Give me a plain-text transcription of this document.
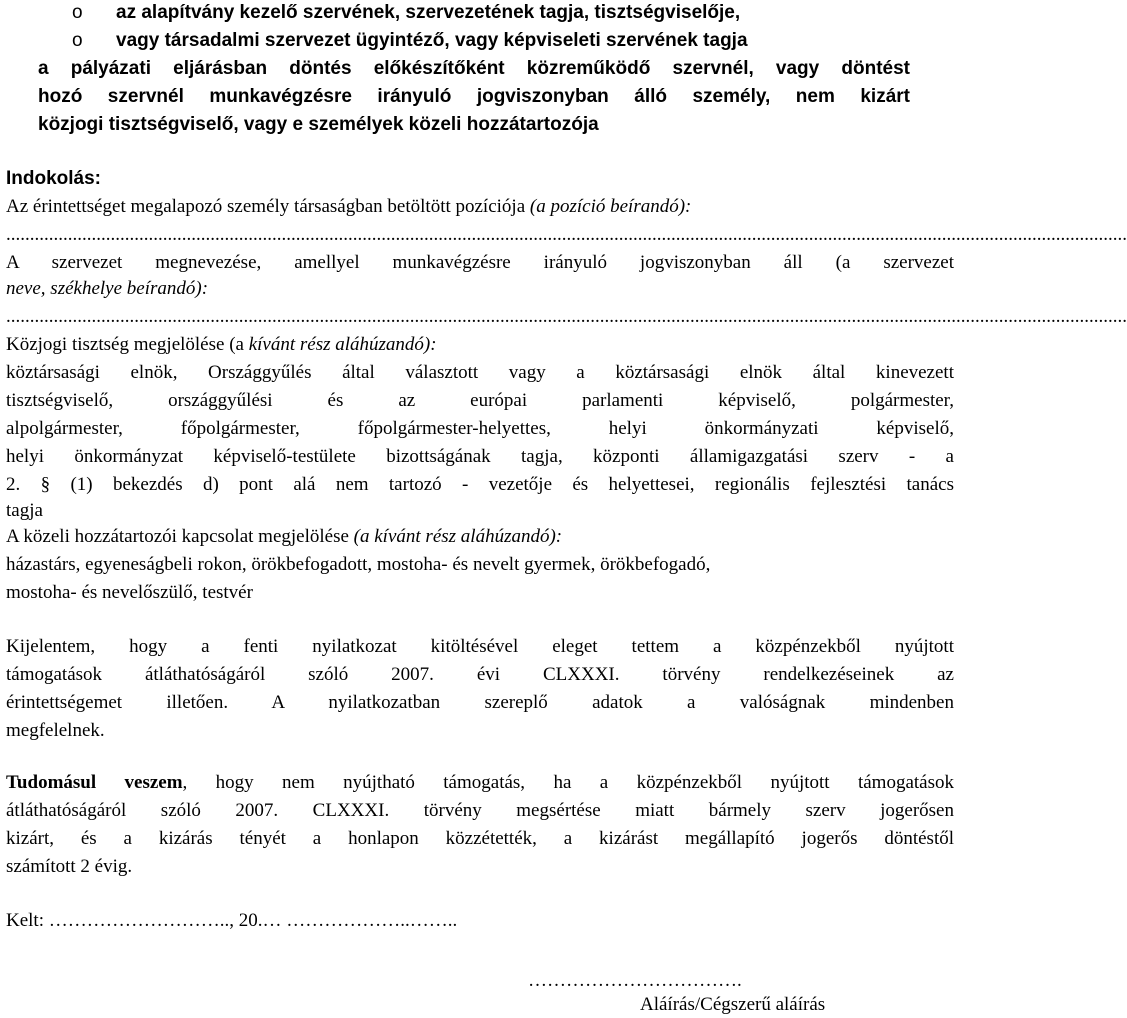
o az alapítvány kezelő szervének, szervezetének tagja, tisztségviselője,
o vagy társadalmi szervezet ügyintéző, vagy képviseleti szervének tagja
a pályázati eljárásban döntés előkészítőként közreműködő szervnél, vagy döntést
hozó szervnél munkavégzésre irányuló jogviszonyban álló személy, nem kizárt
közjogi tisztségviselő, vagy e személyek közeli hozzátartozója
Indokolás:
Az érintettséget megalapozó személy társaságban betöltött pozíciója (a pozíció beírandó):
............................................................................................................................................................................................................................................
A szervezet megnevezése, amellyel munkavégzésre irányuló jogviszonyban áll (a szervezet
neve, székhelye beírandó):
............................................................................................................................................................................................................................................
Közjogi tisztség megjelölése (a kívánt rész aláhúzandó):
köztársasági elnök, Országgyűlés által választott vagy a köztársasági elnök által kinevezett
tisztségviselő, országgyűlési és az európai parlamenti képviselő, polgármester,
alpolgármester, főpolgármester, főpolgármester-helyettes, helyi önkormányzati képviselő,
helyi önkormányzat képviselő-testülete bizottságának tagja, központi államigazgatási szerv - a
2. § (1) bekezdés d) pont alá nem tartozó - vezetője és helyettesei, regionális fejlesztési tanács
tagja
A közeli hozzátartozói kapcsolat megjelölése (a kívánt rész aláhúzandó):
házastárs, egyeneságbeli rokon, örökbefogadott, mostoha- és nevelt gyermek, örökbefogadó,
mostoha- és nevelőszülő, testvér
Kijelentem, hogy a fenti nyilatkozat kitöltésével eleget tettem a közpénzekből nyújtott
támogatások átláthatóságáról szóló 2007. évi CLXXXI. törvény rendelkezéseinek az
érintettségemet illetően. A nyilatkozatban szereplő adatok a valóságnak mindenben
megfelelnek.
Tudomásul veszem, hogy nem nyújtható támogatás, ha a közpénzekből nyújtott támogatások
átláthatóságáról szóló 2007. CLXXXI. törvény megsértése miatt bármely szerv jogerősen
kizárt, és a kizárás tényét a honlapon közzétették, a kizárást megállapító jogerős döntéstől
számított 2 évig.
Kelt: ……………………….., 20.… ………………..……..
…………………………….
Aláírás/Cégszerű aláírás
